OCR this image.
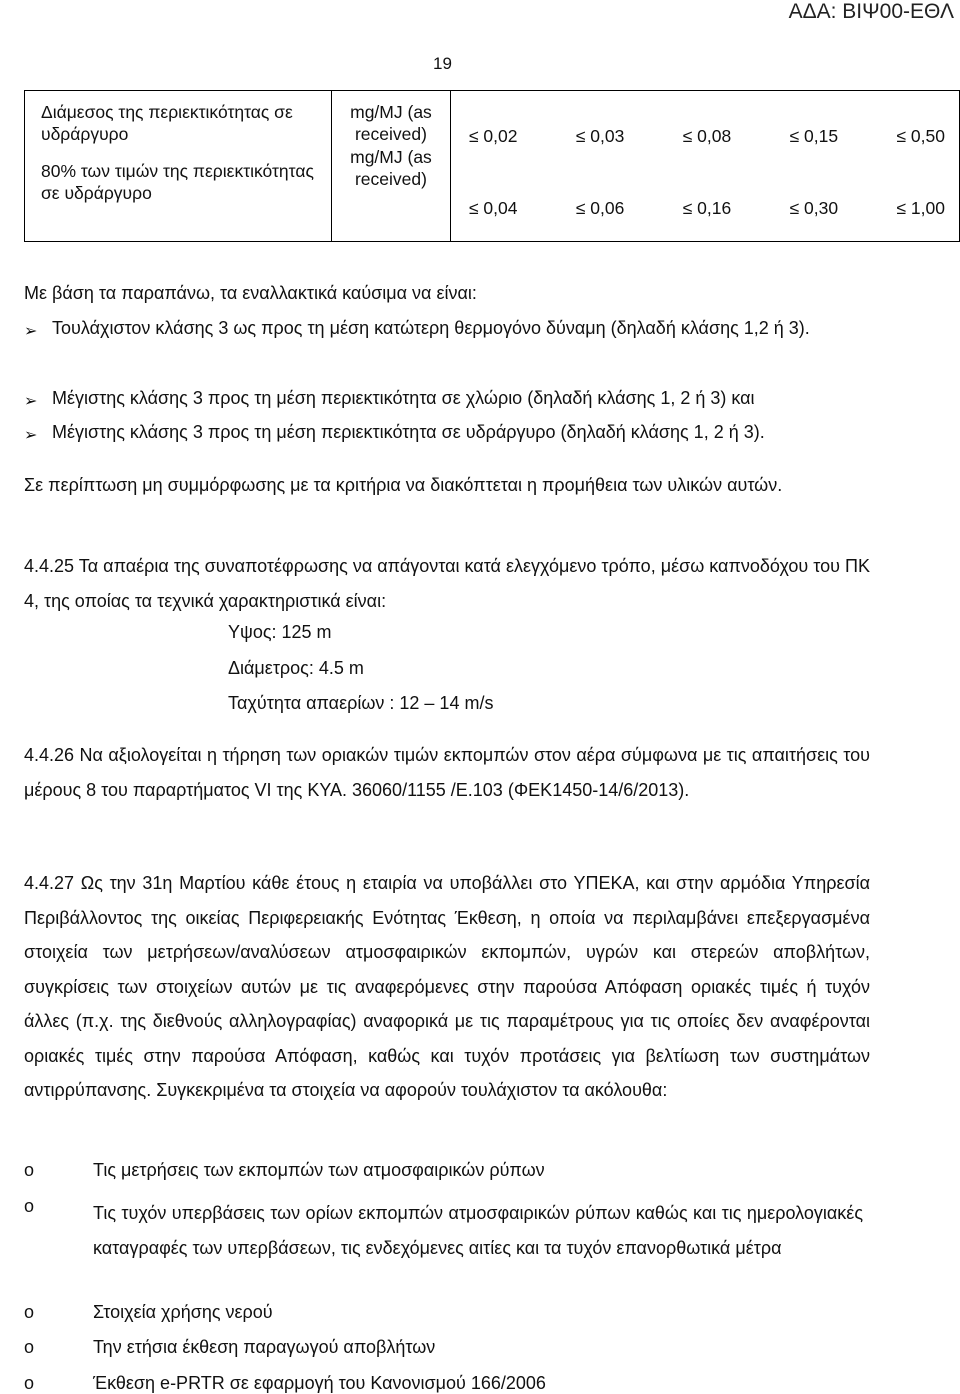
ΑΔΑ: ΒΙΨ00-ΕΘΛ
19
Διάμεσος της περιεκτικότητας σε υδράργυρο
80% των τιμών της περιεκτικότητας σε υδράργυρο

mg/MJ (as received)
mg/MJ (as received)

≤ 0,02	≤ 0,03	≤ 0,08	≤ 0,15	≤ 0,50
≤ 0,04	≤ 0,06	≤ 0,16	≤ 0,30	≤ 1,00
Με βάση τα παραπάνω, τα εναλλακτικά καύσιμα να είναι:
➢ Τουλάχιστον κλάσης 3 ως προς τη μέση κατώτερη θερμογόνο δύναμη (δηλαδή κλάσης 1,2 ή 3).
➢ Μέγιστης κλάσης 3 προς τη μέση περιεκτικότητα σε χλώριο (δηλαδή κλάσης 1, 2 ή 3) και
➢ Μέγιστης κλάσης 3 προς τη μέση περιεκτικότητα σε υδράργυρο (δηλαδή κλάσης 1, 2 ή 3).
Σε περίπτωση μη συμμόρφωσης με τα κριτήρια να διακόπτεται η προμήθεια των υλικών αυτών.
4.4.25 Τα απαέρια της συναποτέφρωσης να απάγονται κατά ελεγχόμενο τρόπο, μέσω καπνοδόχου του ΠΚ 4, της οποίας τα τεχνικά χαρακτηριστικά είναι:
Υψος: 125 m
Διάμετρος: 4.5 m
Ταχύτητα απαερίων : 12 – 14 m/s
4.4.26 Να αξιολογείται η τήρηση των οριακών τιμών εκπομπών στον αέρα σύμφωνα με τις απαιτήσεις του μέρους 8 του παραρτήματος VI της ΚΥΑ. 36060/1155 /Ε.103 (ΦΕΚ1450-14/6/2013).
4.4.27 Ως την 31η Μαρτίου κάθε έτους η εταιρία να υποβάλλει στο ΥΠΕΚΑ, και στην αρμόδια Υπηρεσία Περιβάλλοντος της οικείας Περιφερειακής Ενότητας Έκθεση, η οποία να περιλαμβάνει επεξεργασμένα στοιχεία των μετρήσεων/αναλύσεων ατμοσφαιρικών εκπομπών, υγρών και στερεών αποβλήτων, συγκρίσεις των στοιχείων αυτών με τις αναφερόμενες στην παρούσα Απόφαση οριακές τιμές ή τυχόν άλλες (π.χ. της διεθνούς αλληλογραφίας) αναφορικά με τις παραμέτρους για τις οποίες δεν αναφέρονται οριακές τιμές στην παρούσα Απόφαση, καθώς και τυχόν προτάσεις για βελτίωση των συστημάτων αντιρρύπανσης. Συγκεκριμένα τα στοιχεία να αφορούν τουλάχιστον τα ακόλουθα:
o	Τις μετρήσεις των εκπομπών των ατμοσφαιρικών ρύπων
o	Τις τυχόν υπερβάσεις των ορίων εκπομπών ατμοσφαιρικών ρύπων καθώς και τις ημερολογιακές καταγραφές των υπερβάσεων, τις ενδεχόμενες αιτίες και τα τυχόν επανορθωτικά μέτρα
o	Στοιχεία χρήσης νερού
o	Την ετήσια έκθεση παραγωγού αποβλήτων
o	Έκθεση e-PRTR σε εφαρμογή του Κανονισμού 166/2006
